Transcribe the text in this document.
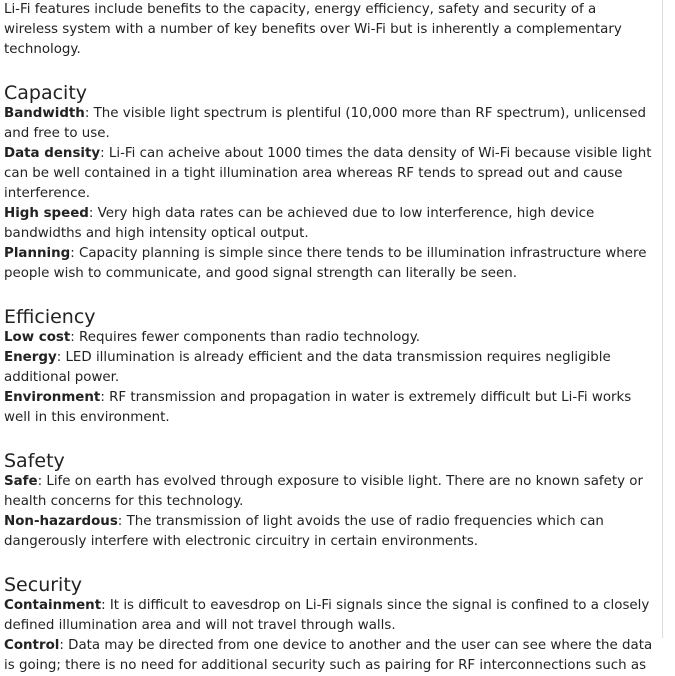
Li-Fi features include benefits to the capacity, energy efficiency, safety and security of a wireless system with a number of key benefits over Wi-Fi but is inherently a complementary technology.

Capacity

Bandwidth: The visible light spectrum is plentiful (10,000 more than RF spectrum), unlicensed and free to use.

Data density: Li-Fi can acheive about 1000 times the data density of Wi-Fi because visible light can be well contained in a tight illumination area whereas RF tends to spread out and cause interference.

High speed: Very high data rates can be achieved due to low interference, high device bandwidths and high intensity optical output.

Planning: Capacity planning is simple since there tends to be illumination infrastructure where people wish to communicate, and good signal strength can literally be seen.

Efficiency

Low cost: Requires fewer components than radio technology.

Energy: LED illumination is already efficient and the data transmission requires negligible additional power.

Environment: RF transmission and propagation in water is extremely difficult but Li-Fi works well in this environment.

Safety

Safe: Life on earth has evolved through exposure to visible light. There are no known safety or health concerns for this technology.

Non-hazardous: The transmission of light avoids the use of radio frequencies which can dangerously interfere with electronic circuitry in certain environments.

Security

Containment: It is difficult to eavesdrop on Li-Fi signals since the signal is confined to a closely defined illumination area and will not travel through walls.

Control: Data may be directed from one device to another and the user can see where the data is going; there is no need for additional security such as pairing for RF interconnections such as
